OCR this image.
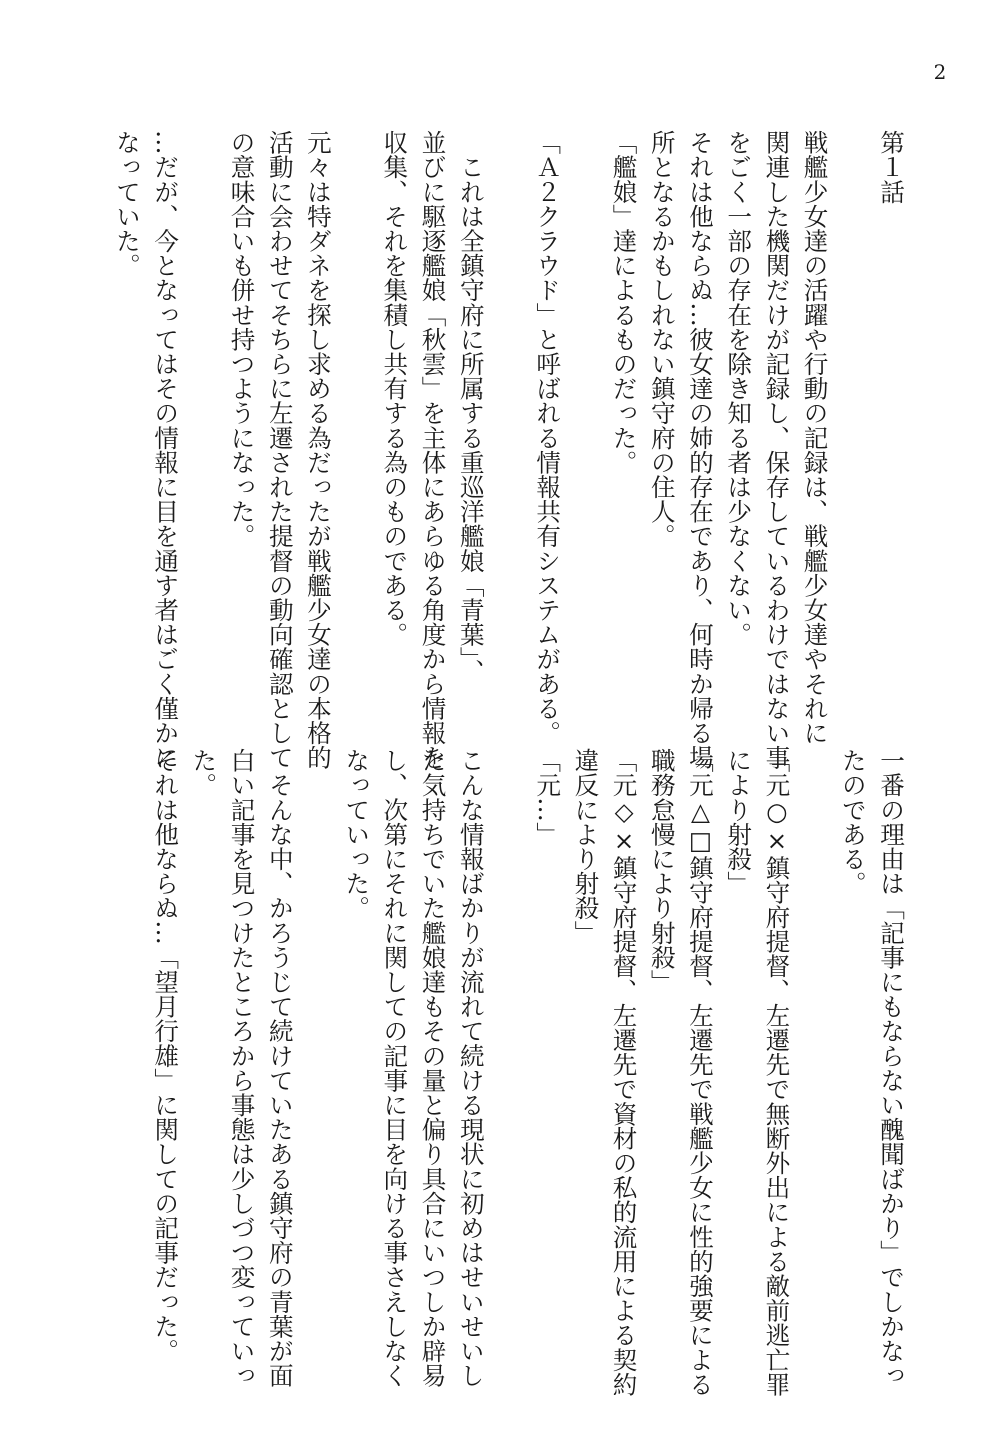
2
第１話
戦艦少女達の活躍や行動の記録は、戦艦少女達やそれに
関連した機関だけが記録し、保存しているわけではない事
をごく一部の存在を除き知る者は少なくない。
それは他ならぬ…彼女達の姉的存在であり、何時か帰る場
所となるかもしれない鎮守府の住人。
「艦娘」達によるものだった。
「Ａ２クラウド」と呼ばれる情報共有システムがある。
　これは全鎮守府に所属する重巡洋艦娘「青葉」、
並びに駆逐艦娘「秋雲」を主体にあらゆる角度から情報を
収集、それを集積し共有する為のものである。
元々は特ダネを探し求める為だったが戦艦少女達の本格的
活動に会わせてそちらに左遷された提督の動向確認として
の意味合いも併せ持つようになった。
…だが、今となってはその情報に目を通す者はごく僅かに
なっていた。
一番の理由は「記事にもならない醜聞ばかり」でしかなっ
たのである。
「元○×鎮守府提督、左遷先で無断外出による敵前逃亡罪
により射殺」
「元△□鎮守府提督、左遷先で戦艦少女に性的強要による
職務怠慢により射殺」
「元◇×鎮守府提督、左遷先で資材の私的流用による契約
違反により射殺」
「元…」
こんな情報ばかりが流れて続ける現状に初めはせいせいし
た気持ちでいた艦娘達もその量と偏り具合にいつしか辟易
し、次第にそれに関しての記事に目を向ける事さえしなく
なっていった。
　そんな中、かろうじて続けていたある鎮守府の青葉が面
白い記事を見つけたところから事態は少しづつ変っていっ
た。
それは他ならぬ…「望月行雄」に関しての記事だった。
